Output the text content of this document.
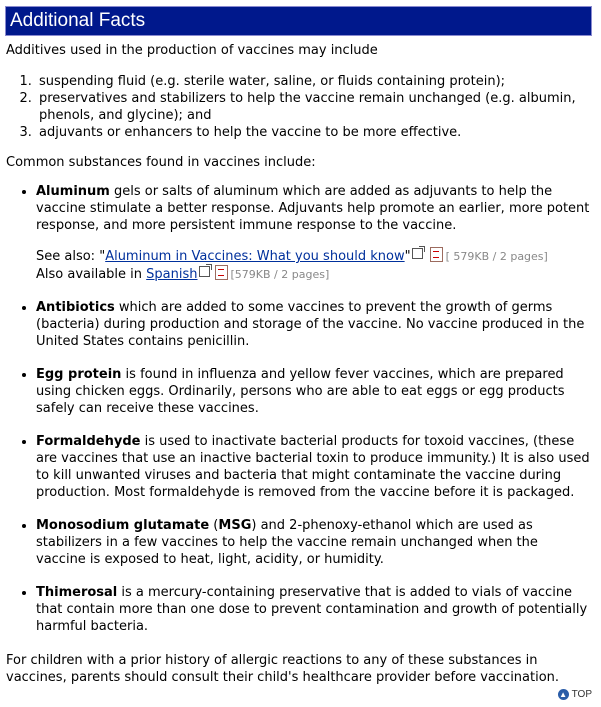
Additional Facts

Additives used in the production of vaccines may include

1. suspending fluid (e.g. sterile water, saline, or fluids containing protein);
2. preservatives and stabilizers to help the vaccine remain unchanged (e.g. albumin, phenols, and glycine); and
3. adjuvants or enhancers to help the vaccine to be more effective.

Common substances found in vaccines include:

• Aluminum gels or salts of aluminum which are added as adjuvants to help the vaccine stimulate a better response. Adjuvants help promote an earlier, more potent response, and more persistent immune response to the vaccine.
See also: "Aluminum in Vaccines: What you should know"	[ 579KB / 2 pages]
Also available in Spanish	[579KB / 2 pages]
• Antibiotics which are added to some vaccines to prevent the growth of germs (bacteria) during production and storage of the vaccine. No vaccine produced in the United States contains penicillin.
• Egg protein is found in influenza and yellow fever vaccines, which are prepared using chicken eggs. Ordinarily, persons who are able to eat eggs or egg products safely can receive these vaccines.
• Formaldehyde is used to inactivate bacterial products for toxoid vaccines, (these are vaccines that use an inactive bacterial toxin to produce immunity.) It is also used to kill unwanted viruses and bacteria that might contaminate the vaccine during production. Most formaldehyde is removed from the vaccine before it is packaged.
• Monosodium glutamate (MSG) and 2-phenoxy-ethanol which are used as stabilizers in a few vaccines to help the vaccine remain unchanged when the vaccine is exposed to heat, light, acidity, or humidity.
• Thimerosal is a mercury-containing preservative that is added to vials of vaccine that contain more than one dose to prevent contamination and growth of potentially harmful bacteria.

For children with a prior history of allergic reactions to any of these substances in vaccines, parents should consult their child's healthcare provider before vaccination.

▲ TOP
